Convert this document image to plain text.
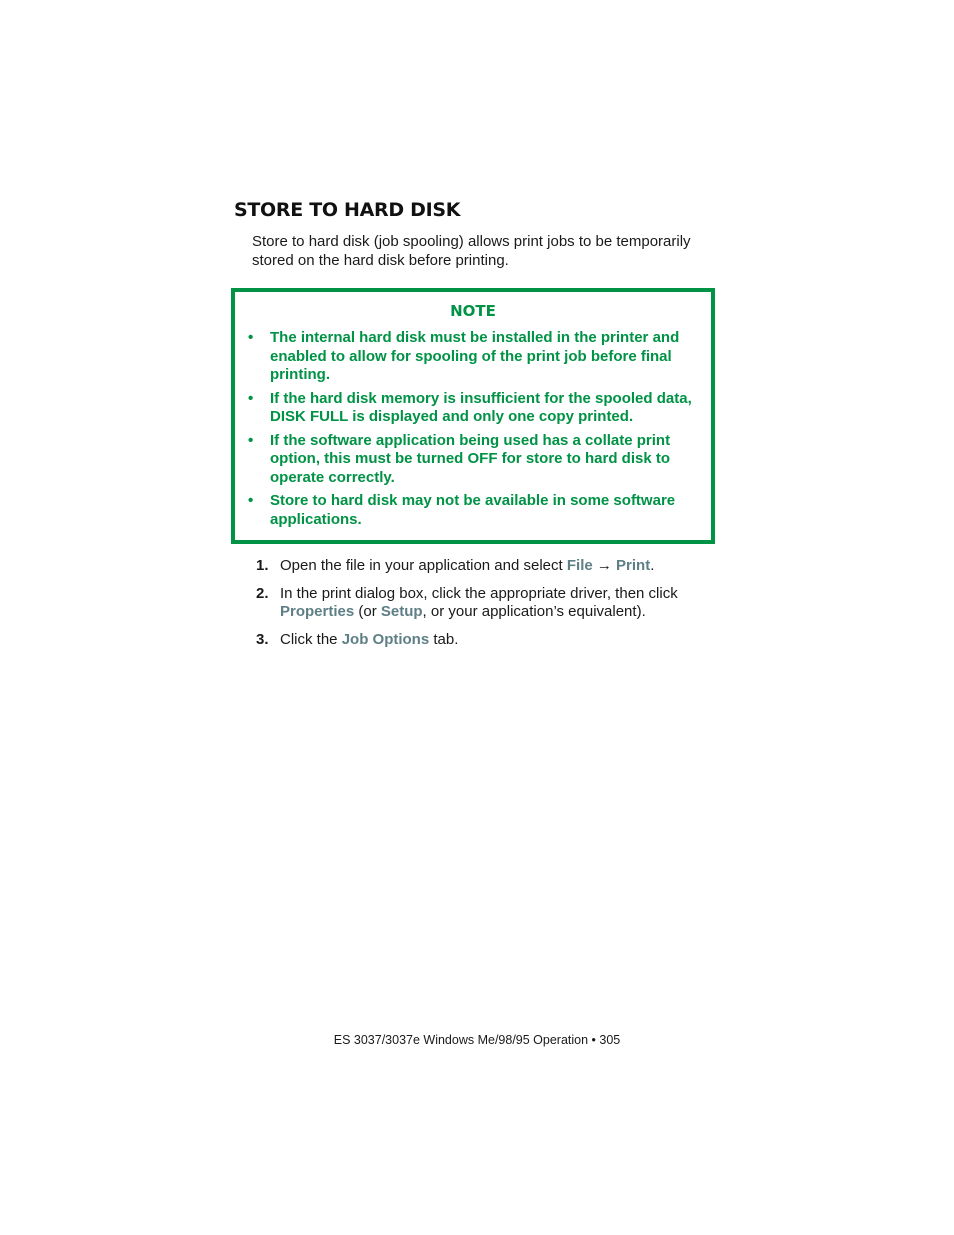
STORE TO HARD DISK

Store to hard disk (job spooling) allows print jobs to be temporarily stored on the hard disk before printing.

NOTE
• The internal hard disk must be installed in the printer and enabled to allow for spooling of the print job before final printing.
• If the hard disk memory is insufficient for the spooled data, DISK FULL is displayed and only one copy printed.
• If the software application being used has a collate print option, this must be turned OFF for store to hard disk to operate correctly.
• Store to hard disk may not be available in some software applications.
1. Open the file in your application and select File → Print.
2. In the print dialog box, click the appropriate driver, then click Properties (or Setup, or your application’s equivalent).
3. Click the Job Options tab.

ES 3037/3037e Windows Me/98/95 Operation • 305
